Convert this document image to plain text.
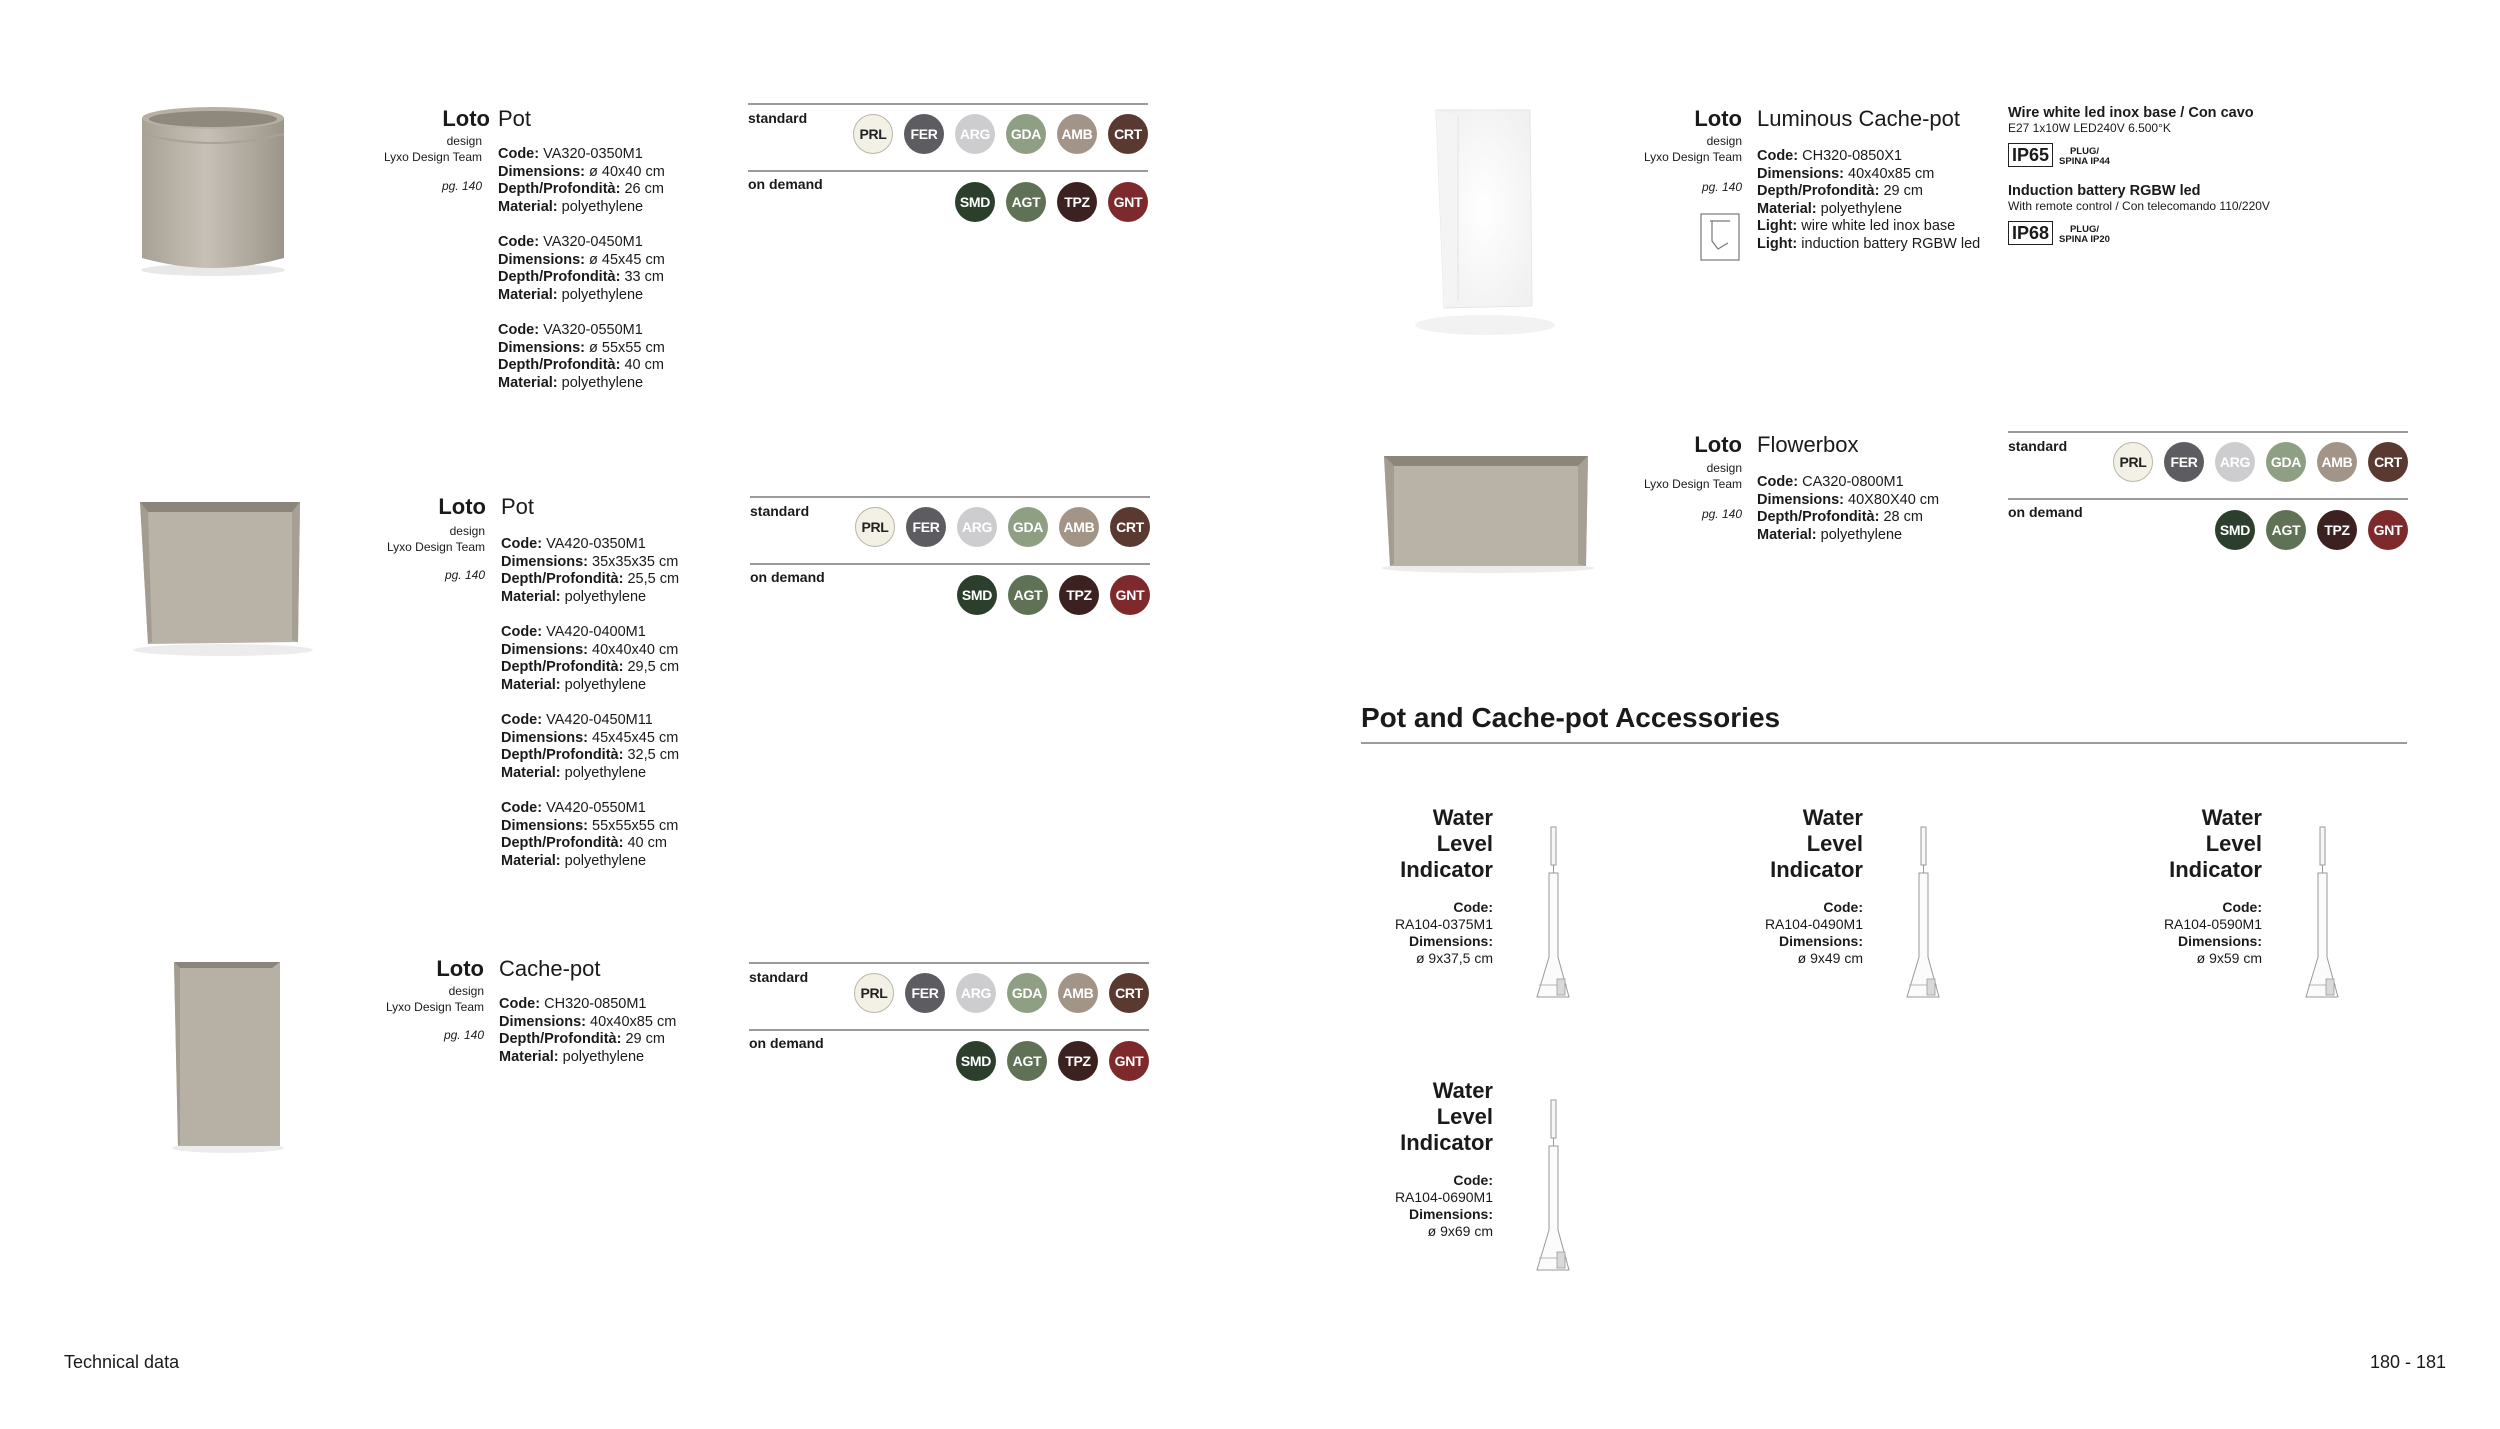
Loto Pot
design
Lyxo Design Team
pg. 140
Code: VA320-0350M1
Dimensions: ø 40x40 cm
Depth/Profondità: 26 cm
Material: polyethylene
Code: VA320-0450M1
Dimensions: ø 45x45 cm
Depth/Profondità: 33 cm
Material: polyethylene
Code: VA320-0550M1
Dimensions: ø 55x55 cm
Depth/Profondità: 40 cm
Material: polyethylene
standard
on demand
PRL	FER	ARG	GDA	AMB	CRT
SMD	AGT	TPZ	GNT
Loto Pot
design
Lyxo Design Team
pg. 140
Code: VA420-0350M1
Dimensions: 35x35x35 cm
Depth/Profondità: 25,5 cm
Material: polyethylene
Code: VA420-0400M1
Dimensions: 40x40x40 cm
Depth/Profondità: 29,5 cm
Material: polyethylene
Code: VA420-0450M11
Dimensions: 45x45x45 cm
Depth/Profondità: 32,5 cm
Material: polyethylene
Code: VA420-0550M1
Dimensions: 55x55x55 cm
Depth/Profondità: 40 cm
Material: polyethylene
standard
on demand
PRL	FER	ARG	GDA	AMB	CRT
SMD	AGT	TPZ	GNT
Loto Cache-pot
design
Lyxo Design Team
pg. 140
Code: CH320-0850M1
Dimensions: 40x40x85 cm
Depth/Profondità: 29 cm
Material: polyethylene
standard
on demand
PRL	FER	ARG	GDA	AMB	CRT
SMD	AGT	TPZ	GNT
Loto Luminous Cache-pot
design
Lyxo Design Team
pg. 140
Code: CH320-0850X1
Dimensions: 40x40x85 cm
Depth/Profondità: 29 cm
Material: polyethylene
Light: wire white led inox base
Light: induction battery RGBW led
Wire white led inox base / Con cavo
E27 1x10W LED240V 6.500°K
IP65	PLUG/
SPINA IP44
Induction battery RGBW led
With remote control / Con telecomando 110/220V
IP68	PLUG/
SPINA IP20
Loto Flowerbox
design
Lyxo Design Team
pg. 140
Code: CA320-0800M1
Dimensions: 40X80X40 cm
Depth/Profondità: 28 cm
Material: polyethylene
standard
on demand
PRL	FER	ARG	GDA	AMB	CRT
SMD	AGT	TPZ	GNT
Pot and Cache-pot Accessories
Water
Level
Indicator
Code:
RA104-0375M1
Dimensions:
ø 9x37,5 cm
Water
Level
Indicator
Code:
RA104-0490M1
Dimensions:
ø 9x49 cm
Water
Level
Indicator
Code:
RA104-0590M1
Dimensions:
ø 9x59 cm
Water
Level
Indicator
Code:
RA104-0690M1
Dimensions:
ø 9x69 cm
Technical data	180 - 181
